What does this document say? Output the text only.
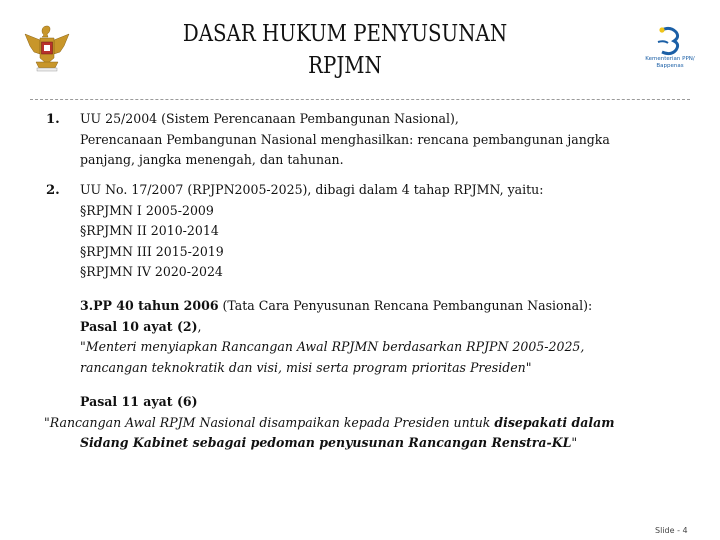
DASAR HUKUM PENYUSUNAN
RPJMN	Kementerian PPN/
Bappenas
1. UU 25/2004 (Sistem Perencanaan Pembangunan Nasional),
Perencanaan Pembangunan Nasional menghasilkan: rencana pembangunan jangka
panjang, jangka menengah, dan tahunan.
2. UU No. 17/2007 (RPJPN2005-2025), dibagi dalam 4 tahap RPJMN, yaitu:
§RPJMN I 2005-2009
§RPJMN II 2010-2014
§RPJMN III 2015-2019
§RPJMN IV 2020-2024
3.PP 40 tahun 2006 (Tata Cara Penyusunan Rencana Pembangunan Nasional):
Pasal 10 ayat (2),
"Menteri menyiapkan Rancangan Awal RPJMN berdasarkan RPJPN 2005-2025,
rancangan teknokratik dan visi, misi serta program prioritas Presiden"
Pasal 11 ayat (6)
"Rancangan Awal RPJM Nasional disampaikan kepada Presiden untuk disepakati dalam
Sidang Kabinet sebagai pedoman penyusunan Rancangan Renstra-KL"
Slide - 4
